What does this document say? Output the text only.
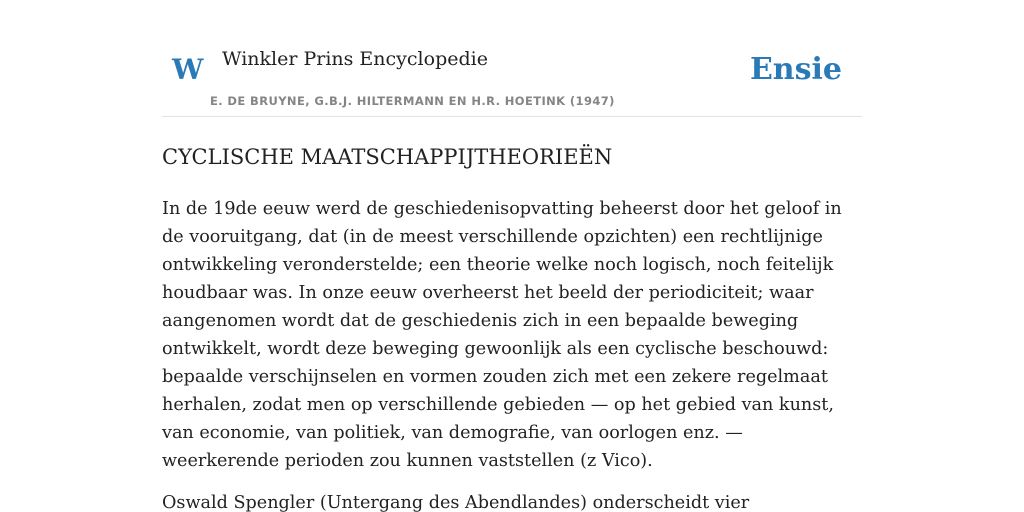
W Winkler Prins Encyclopedie
E. DE BRUYNE, G.B.J. HILTERMANN EN H.R. HOETINK (1947)
Ensie
CYCLISCHE MAATSCHAPPIJTHEORIEËN

In de 19de eeuw werd de geschiedenisopvatting beheerst door het geloof in de vooruitgang, dat (in de meest verschillende opzichten) een rechtlijnige ontwikkeling veronderstelde; een theorie welke noch logisch, noch feitelijk houdbaar was. In onze eeuw overheerst het beeld der periodiciteit; waar aangenomen wordt dat de geschiedenis zich in een bepaalde beweging ontwikkelt, wordt deze beweging gewoonlijk als een cyclische beschouwd: bepaalde verschijnselen en vormen zouden zich met een zekere regelmaat herhalen, zodat men op verschillende gebieden — op het gebied van kunst, van economie, van politiek, van demografie, van oorlogen enz. — weerkerende perioden zou kunnen vaststellen (z Vico).

Oswald Spengler (Untergang des Abendlandes) onderscheidt vier
